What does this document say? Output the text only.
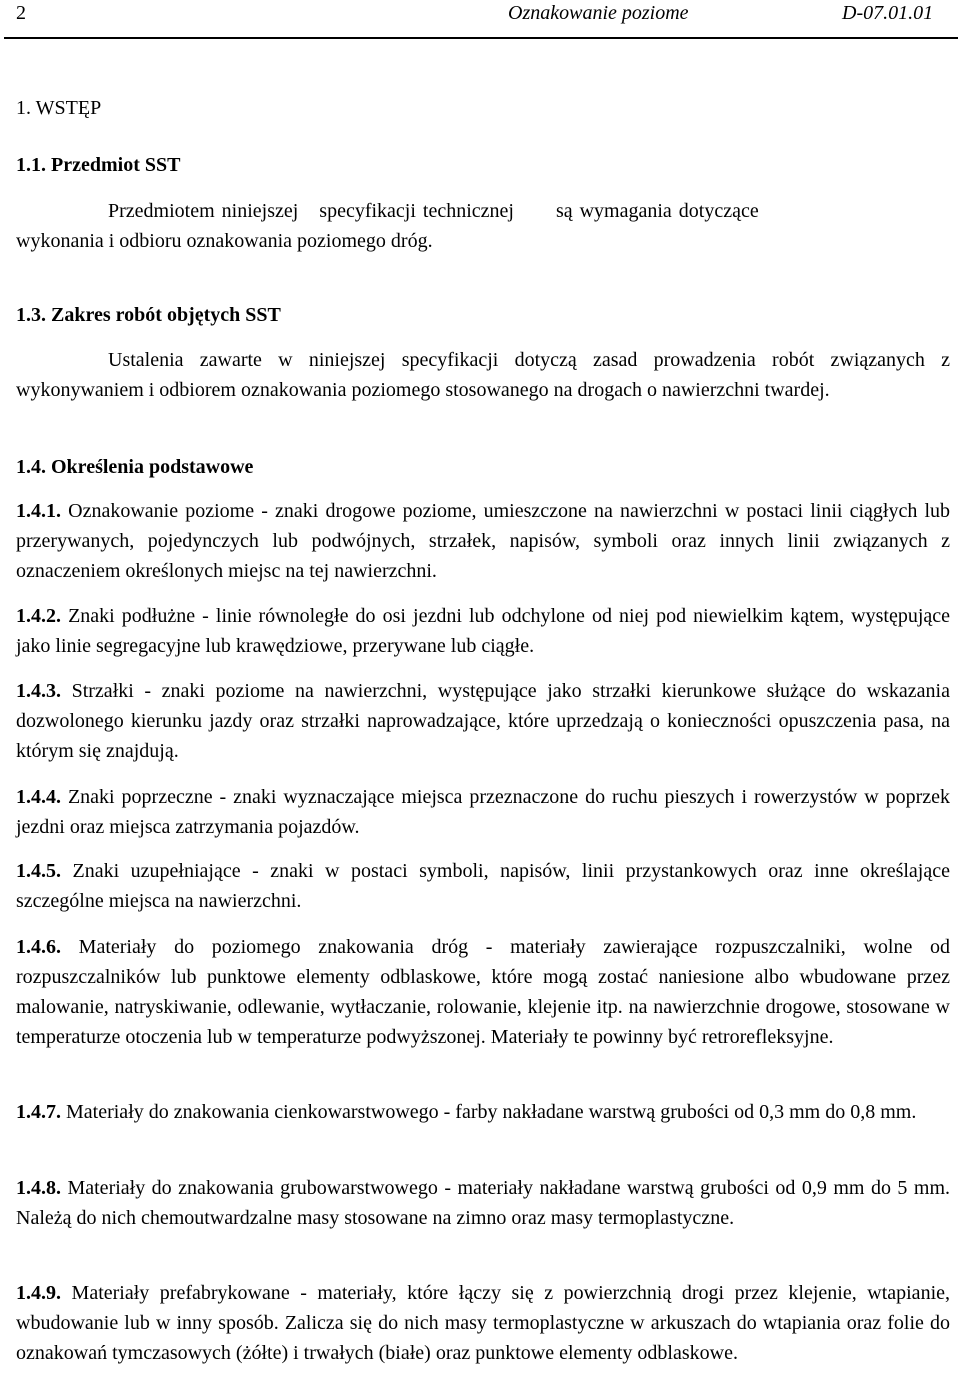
2	Oznakowanie poziome	D-07.01.01
1. WSTĘP
1.1. Przedmiot SST
Przedmiotem niniejszej   specyfikacji technicznej      są wymagania dotyczące
wykonania i odbioru oznakowania poziomego dróg.
1.3. Zakres robót objętych SST
Ustalenia zawarte w niniejszej specyfikacji dotyczą zasad prowadzenia robót związanych z wykonywaniem i odbiorem oznakowania poziomego stosowanego na drogach o nawierzchni twardej.
1.4. Określenia podstawowe
1.4.1. Oznakowanie poziome - znaki drogowe poziome, umieszczone na nawierzchni w postaci linii ciągłych lub przerywanych, pojedynczych lub podwójnych, strzałek, napisów, symboli oraz innych linii związanych z oznaczeniem określonych miejsc na tej nawierzchni.
1.4.2. Znaki podłużne - linie równoległe do osi jezdni lub odchylone od niej pod niewielkim kątem, występujące jako linie segregacyjne lub krawędziowe, przerywane lub ciągłe.
1.4.3. Strzałki - znaki poziome na nawierzchni, występujące jako strzałki kierunkowe służące do wskazania dozwolonego kierunku jazdy oraz strzałki naprowadzające, które uprzedzają o konieczności opuszczenia pasa, na którym się znajdują.
1.4.4. Znaki poprzeczne - znaki wyznaczające miejsca przeznaczone do ruchu pieszych i rowerzystów w poprzek jezdni oraz miejsca zatrzymania pojazdów.
1.4.5. Znaki uzupełniające - znaki w postaci symboli, napisów, linii przystankowych oraz inne określające szczególne miejsca na nawierzchni.
1.4.6. Materiały do poziomego znakowania dróg - materiały zawierające rozpuszczalniki, wolne od rozpuszczalników lub punktowe elementy odblaskowe, które mogą zostać naniesione albo wbudowane przez malowanie, natryskiwanie, odlewanie, wytłaczanie, rolowanie, klejenie itp. na nawierzchnie drogowe, stosowane w temperaturze otoczenia lub w temperaturze podwyższonej. Materiały te powinny być retrorefleksyjne.
1.4.7. Materiały do znakowania cienkowarstwowego - farby nakładane warstwą grubości od 0,3 mm do 0,8 mm.
1.4.8. Materiały do znakowania grubowarstwowego - materiały nakładane warstwą grubości od 0,9 mm do 5 mm. Należą do nich chemoutwardzalne masy stosowane na zimno oraz masy termoplastyczne.
1.4.9. Materiały prefabrykowane - materiały, które łączy się z powierzchnią drogi przez klejenie, wtapianie, wbudowanie lub w inny sposób. Zalicza się do nich masy termoplastyczne w arkuszach do wtapiania oraz folie do oznakowań tymczasowych (żółte) i trwałych (białe) oraz punktowe elementy odblaskowe.
